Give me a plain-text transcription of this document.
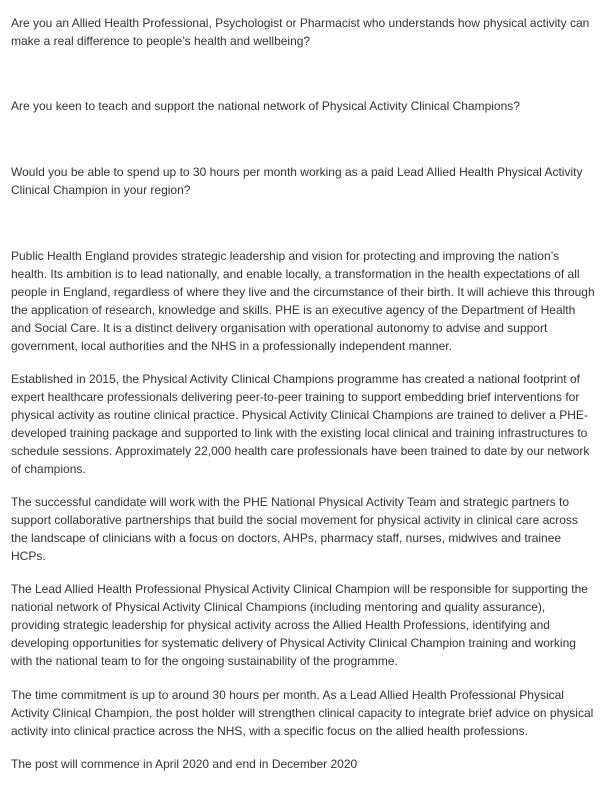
Are you an Allied Health Professional, Psychologist or Pharmacist who understands how physical activity can make a real difference to people’s health and wellbeing?

Are you keen to teach and support the national network of Physical Activity Clinical Champions?

Would you be able to spend up to 30 hours per month working as a paid Lead Allied Health Physical Activity Clinical Champion in your region?

Public Health England provides strategic leadership and vision for protecting and improving the nation’s health. Its ambition is to lead nationally, and enable locally, a transformation in the health expectations of all people in England, regardless of where they live and the circumstance of their birth. It will achieve this through the application of research, knowledge and skills. PHE is an executive agency of the Department of Health and Social Care. It is a distinct delivery organisation with operational autonomy to advise and support government, local authorities and the NHS in a professionally independent manner.

Established in 2015, the Physical Activity Clinical Champions programme has created a national footprint of expert healthcare professionals delivering peer-to-peer training to support embedding brief interventions for physical activity as routine clinical practice. Physical Activity Clinical Champions are trained to deliver a PHE-developed training package and supported to link with the existing local clinical and training infrastructures to schedule sessions. Approximately 22,000 health care professionals have been trained to date by our network of champions.

The successful candidate will work with the PHE National Physical Activity Team and strategic partners to support collaborative partnerships that build the social movement for physical activity in clinical care across the landscape of clinicians with a focus on doctors, AHPs, pharmacy staff, nurses, midwives and trainee HCPs.

The Lead Allied Health Professional Physical Activity Clinical Champion will be responsible for supporting the national network of Physical Activity Clinical Champions (including mentoring and quality assurance), providing strategic leadership for physical activity across the Allied Health Professions, identifying and developing opportunities for systematic delivery of Physical Activity Clinical Champion training and working with the national team to for the ongoing sustainability of the programme.

The time commitment is up to around 30 hours per month. As a Lead Allied Health Professional Physical Activity Clinical Champion, the post holder will strengthen clinical capacity to integrate brief advice on physical activity into clinical practice across the NHS, with a specific focus on the allied health professions.

The post will commence in April 2020 and end in December 2020
